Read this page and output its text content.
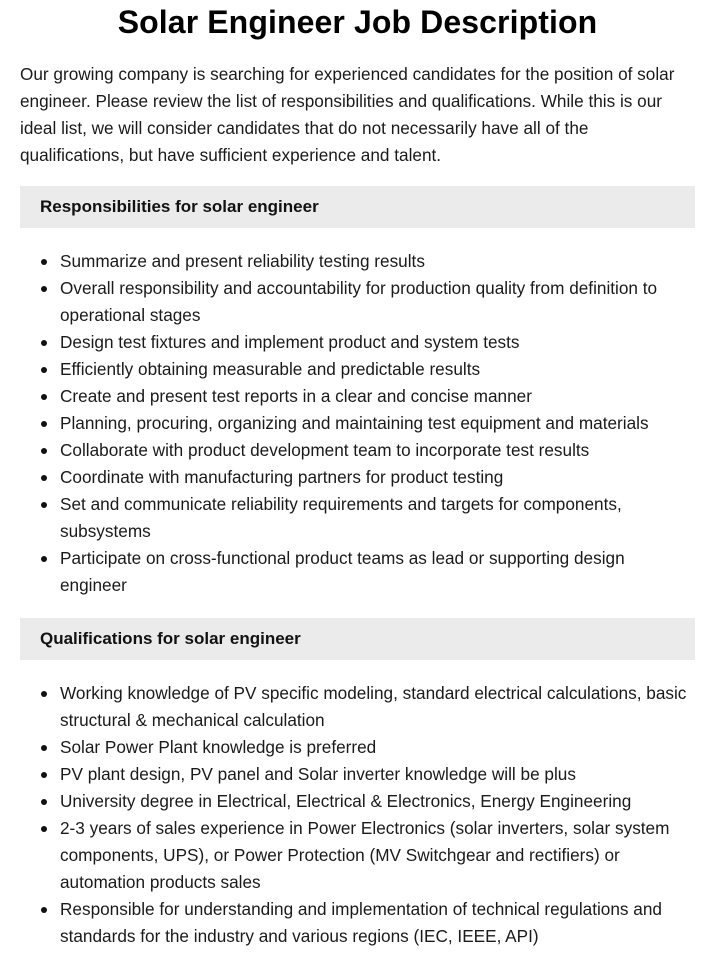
Solar Engineer Job Description

Our growing company is searching for experienced candidates for the position of solar engineer. Please review the list of responsibilities and qualifications. While this is our ideal list, we will consider candidates that do not necessarily have all of the qualifications, but have sufficient experience and talent.

Responsibilities for solar engineer
Summarize and present reliability testing results
Overall responsibility and accountability for production quality from definition to operational stages
Design test fixtures and implement product and system tests
Efficiently obtaining measurable and predictable results
Create and present test reports in a clear and concise manner
Planning, procuring, organizing and maintaining test equipment and materials
Collaborate with product development team to incorporate test results
Coordinate with manufacturing partners for product testing
Set and communicate reliability requirements and targets for components, subsystems
Participate on cross-functional product teams as lead or supporting design engineer
Qualifications for solar engineer
Working knowledge of PV specific modeling, standard electrical calculations, basic structural & mechanical calculation
Solar Power Plant knowledge is preferred
PV plant design, PV panel and Solar inverter knowledge will be plus
University degree in Electrical, Electrical & Electronics, Energy Engineering
2-3 years of sales experience in Power Electronics (solar inverters, solar system components, UPS), or Power Protection (MV Switchgear and rectifiers) or automation products sales
Responsible for understanding and implementation of technical regulations and standards for the industry and various regions (IEC, IEEE, API)
